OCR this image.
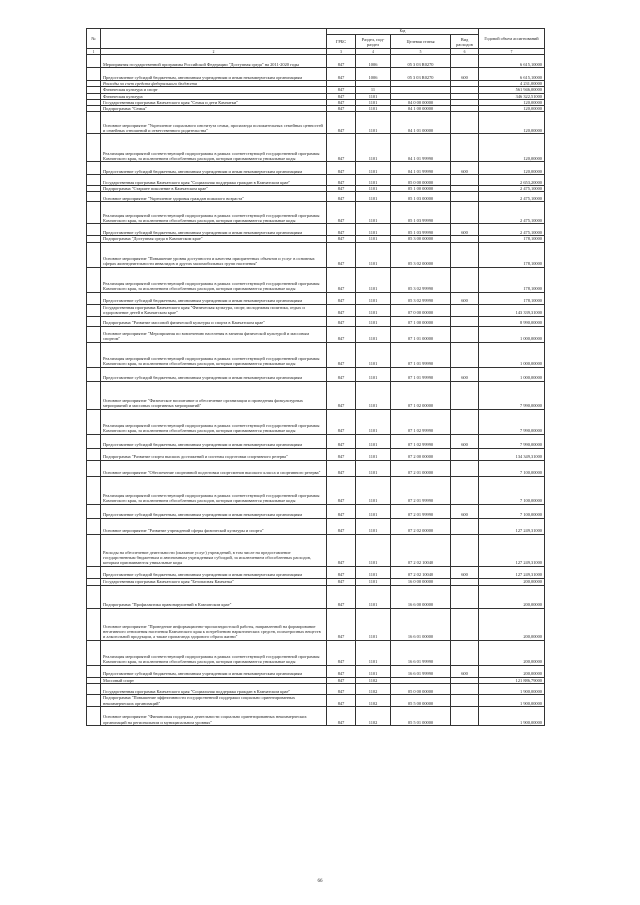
№		Код				Годовой объем ассигнований
		ГРБС	Раздел, под-раздел	Целевая статья	Вид расходов	
1	2	3	4	5	6	7
	Мероприятия государственной программы Российской Федерации "Доступная среда" на 2011-2020 годы	847	1006	05 3 03 R0270		6 615,10000
	Предоставление субсидий бюджетным, автономным учреждениям и иным некоммерческим организациям	847	1006	05 3 03 R0270	600	6 615,10000
	Расходы за счет средств федерального бюджета					4 231,00000
	Физическая культура и спорт	847	11			561 946,00000
	Физическая культура	847	1101			346 322,51000
	Государственная программа Камчатского края "Семья и дети Камчатки"	847	1101	04 0 00 00000		120,00000
	Подпрограмма "Семья"	847	1101	04 1 00 00000		120,00000
	Основное мероприятие "Укрепление социального института семьи, пропаганда положительных семейных ценностей и семейных отношений и ответственного родительства"	847	1101	04 1 01 00000		120,00000
	Реализация мероприятий соответствующей подпрограммы в рамках соответствующей государственной программы Камчатского края, за исключением обособленных расходов, которым присваиваются уникальные коды	847	1101	04 1 01 99990		120,00000
	Предоставление субсидий бюджетным, автономным учреждениям и иным некоммерческим организациям	847	1101	04 1 01 99990	600	120,00000
	Государственная программа Камчатского края "Социальная поддержка граждан в Камчатском крае"	847	1101	05 0 00 00000		2 653,20000
	Подпрограмма "Старшее поколение в Камчатском крае"	847	1101	05 1 00 00000		2 475,10000
	Основное мероприятие "Укрепление здоровья граждан пожилого возраста"	847	1101	05 1 03 00000		2 475,10000
	Реализация мероприятий соответствующей подпрограммы в рамках соответствующей государственной программы Камчатского края, за исключением обособленных расходов, которым присваиваются уникальные коды	847	1101	05 1 03 99990		2 475,10000
	Предоставление субсидий бюджетным, автономным учреждениям и иным некоммерческим организациям	847	1101	05 1 03 99990	600	2 475,10000
	Подпрограмма "Доступная среда в Камчатском крае"	847	1101	05 3 00 00000		178,10000
	Основное мероприятие "Повышение уровня доступности и качества приоритетных объектов и услуг в основных сферах жизнедеятельности инвалидов и других маломобильных групп населения"	847	1101	05 3 02 00000		178,10000
	Реализация мероприятий соответствующей подпрограммы в рамках соответствующей государственной программы Камчатского края, за исключением обособленных расходов, которым присваиваются уникальные коды	847	1101	05 3 02 99990		178,10000
	Предоставление субсидий бюджетным, автономным учреждениям и иным некоммерческим организациям	847	1101	05 3 02 99990	600	178,10000
	Государственная программа Камчатского края "Физическая культура, спорт, молодежная политика, отдых и оздоровление детей в Камчатском крае"	847	1101	07 0 00 00000		143 339,31000
	Подпрограмма "Развитие массовой физической культуры и спорта в Камчатском крае"	847	1101	07 1 00 00000		8 990,00000
	Основное мероприятие "Мероприятия по вовлечению населения в занятия физической культурой и массовым спортом"	847	1101	07 1 01 00000		1 000,00000
	Реализация мероприятий соответствующей подпрограммы в рамках соответствующей государственной программы Камчатского края, за исключением обособленных расходов, которым присваиваются уникальные коды	847	1101	07 1 01 99990		1 000,00000
	Предоставление субсидий бюджетным, автономным учреждениям и иным некоммерческим организациям	847	1101	07 1 01 99990	600	1 000,00000
	Основное мероприятие "Физическое воспитание и обеспечение организации и проведения физкультурных мероприятий и массовых спортивных мероприятий"	847	1101	07 1 02 00000		7 990,00000
	Реализация мероприятий соответствующей подпрограммы в рамках соответствующей государственной программы Камчатского края, за исключением обособленных расходов, которым присваиваются уникальные коды	847	1101	07 1 02 99990		7 990,00000
	Предоставление субсидий бюджетным, автономным учреждениям и иным некоммерческим организациям	847	1101	07 1 02 99990	600	7 990,00000
	Подпрограмма "Развитие спорта высших достижений и системы подготовки спортивного резерва"	847	1101	07 2 00 00000		134 349,31000
	Основное мероприятие "Обеспечение спортивной подготовки спортсменов высокого класса и спортивного резерва"	847	1101	07 2 01 00000		7 100,00000
	Реализация мероприятий соответствующей подпрограммы в рамках соответствующей государственной программы Камчатского края, за исключением обособленных расходов, которым присваиваются уникальные коды	847	1101	07 2 01 99990		7 100,00000
	Предоставление субсидий бюджетным, автономным учреждениям и иным некоммерческим организациям	847	1101	07 2 01 99990	600	7 100,00000
	Основное мероприятие "Развитие учреждений сферы физической культуры и спорта"	847	1101	07 2 02 00000		127 249,31000
	Расходы на обеспечение деятельности (оказание услуг) учреждений, в том числе на предоставление государственным бюджетным и автономным учреждениям субсидий, за исключением обособленных расходов, которым присваиваются уникальные коды	847	1101	07 2 02 10040		127 249,31000
	Предоставление субсидий бюджетным, автономным учреждениям и иным некоммерческим организациям	847	1101	07 2 02 10040	600	127 249,31000
	Государственная программа Камчатского края "Безопасная Камчатка"	847	1101	16 0 00 00000		200,00000
	Подпрограмма "Профилактика правонарушений в Камчатском крае"	847	1101	16 6 00 00000		200,00000
	Основное мероприятие "Проведение информационно-пропагандистской работы, направленной на формирование негативного отношения населения Камчатского края к потреблению наркотических средств, психотропных веществ и алкогольной продукции, а также пропаганда здорового образа жизни"	847	1101	16 6 01 00000		200,00000
	Реализация мероприятий соответствующей подпрограммы в рамках соответствующей государственной программы Камчатского края, за исключением обособленных расходов, которым присваиваются уникальные коды	847	1101	16 6 01 99990		200,00000
	Предоставление субсидий бюджетным, автономным учреждениям и иным некоммерческим организациям	847	1101	16 6 01 99990	600	200,00000
	Массовый спорт	847	1102			121 886,79000
	Государственная программа Камчатского края "Социальная поддержка граждан в Камчатском крае"	847	1102	05 0 00 00000		1 900,00000
	Подпрограмма "Повышение эффективности государственной поддержки социально ориентированных некоммерческих организаций"	847	1102	05 5 00 00000		1 900,00000
	Основное мероприятие "Финансовая поддержка деятельности социально ориентированных некоммерческих организаций на региональном и муниципальном уровнях"	847	1102	05 5 01 00000		1 900,00000
66
